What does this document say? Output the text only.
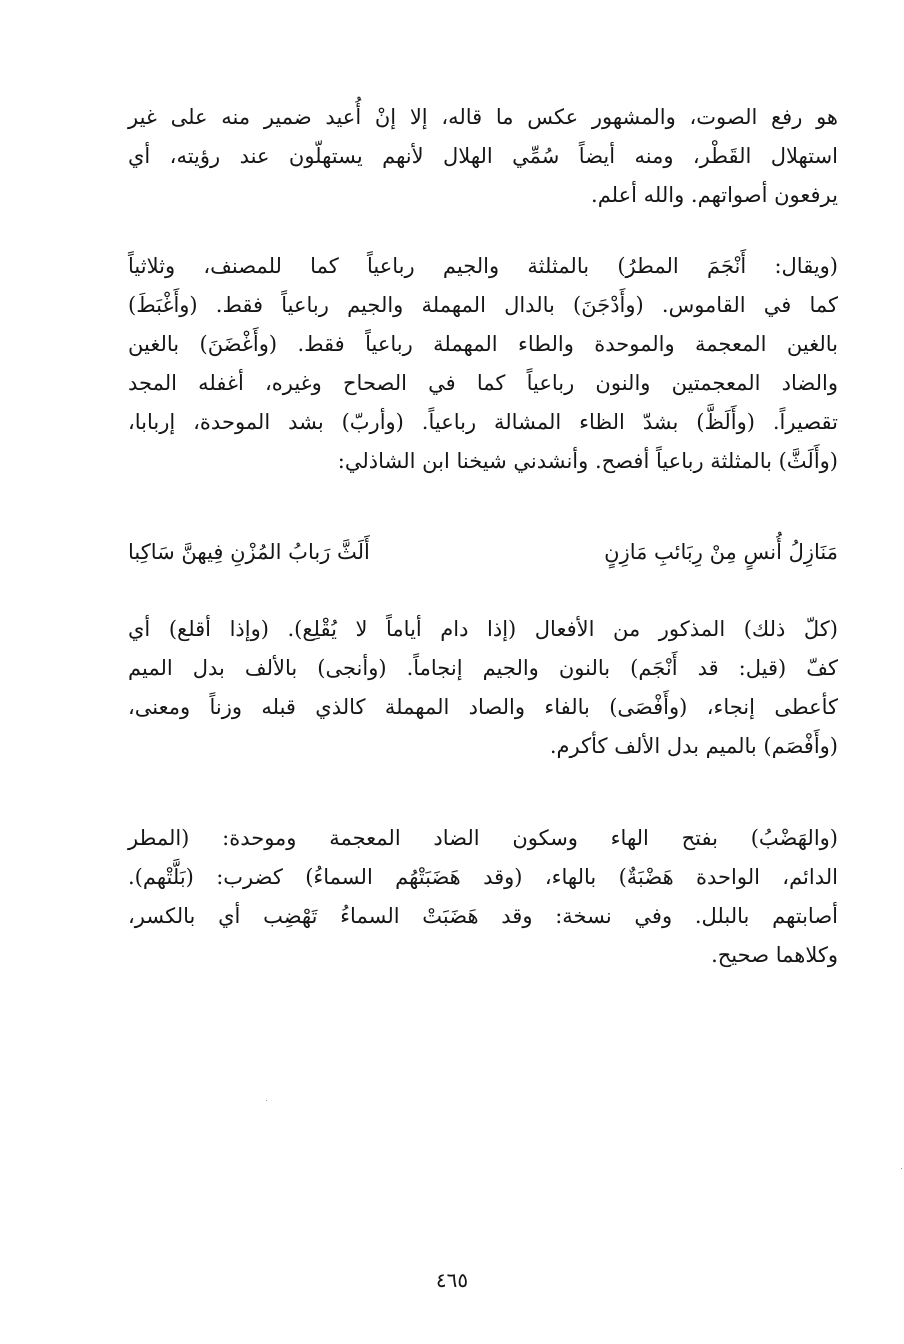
هو رفع الصوت، والمشهور عكس ما قاله، إلا إنْ أُعيد ضمير منه على غير
استهلال القَطْر، ومنه أيضاً سُمِّي الهلال لأنهم يستهلّون عند رؤيته، أي
يرفعون أصواتهم. والله أعلم.
(ويقال: أَنْجَمَ المطرُ) بالمثلثة والجيم رباعياً كما للمصنف، وثلاثياً
كما في القاموس. (وأَدْجَنَ) بالدال المهملة والجيم رباعياً فقط. (وأَغْبَطَ)
بالغين المعجمة والموحدة والطاء المهملة رباعياً فقط. (وأَغْضَنَ) بالغين
والضاد المعجمتين والنون رباعياً كما في الصحاح وغيره، أغفله المجد
تقصيراً. (وأَلَظَّ) بشدّ الظاء المشالة رباعياً. (وأربّ) بشد الموحدة، إربابا،
(وأَلَثَّ) بالمثلثة رباعياً أفصح. وأنشدني شيخنا ابن الشاذلي:
مَنَازِلُ أُنسٍ مِنْ رِبَائبِ مَازِنٍ
أَلَثَّ رَبابُ المُزْنِ فِيهنَّ سَاكِبا
(كلّ ذلك) المذكور من الأفعال (إذا دام أياماً لا يُقْلِع). (وإذا أقلع) أي
كفّ (قيل: قد أَنْجَم) بالنون والجيم إنجاماً. (وأنجى) بالألف بدل الميم
كأعطى إنجاء، (وأَفْصَى) بالفاء والصاد المهملة كالذي قبله وزناً ومعنى،
(وأَفْصَم) بالميم بدل الألف كأكرم.
(والهَضْبُ) بفتح الهاء وسكون الضاد المعجمة وموحدة: (المطر
الدائم، الواحدة هَضْبَةٌ) بالهاء، (وقد هَضَبَتْهُم السماءُ) كضرب: (بَلَّتْهم).
أصابتهم بالبلل. وفي نسخة: وقد هَضَبَتْ السماءُ تَهْضِب أي بالكسر،
وكلاهما صحيح.
٤٦٥
